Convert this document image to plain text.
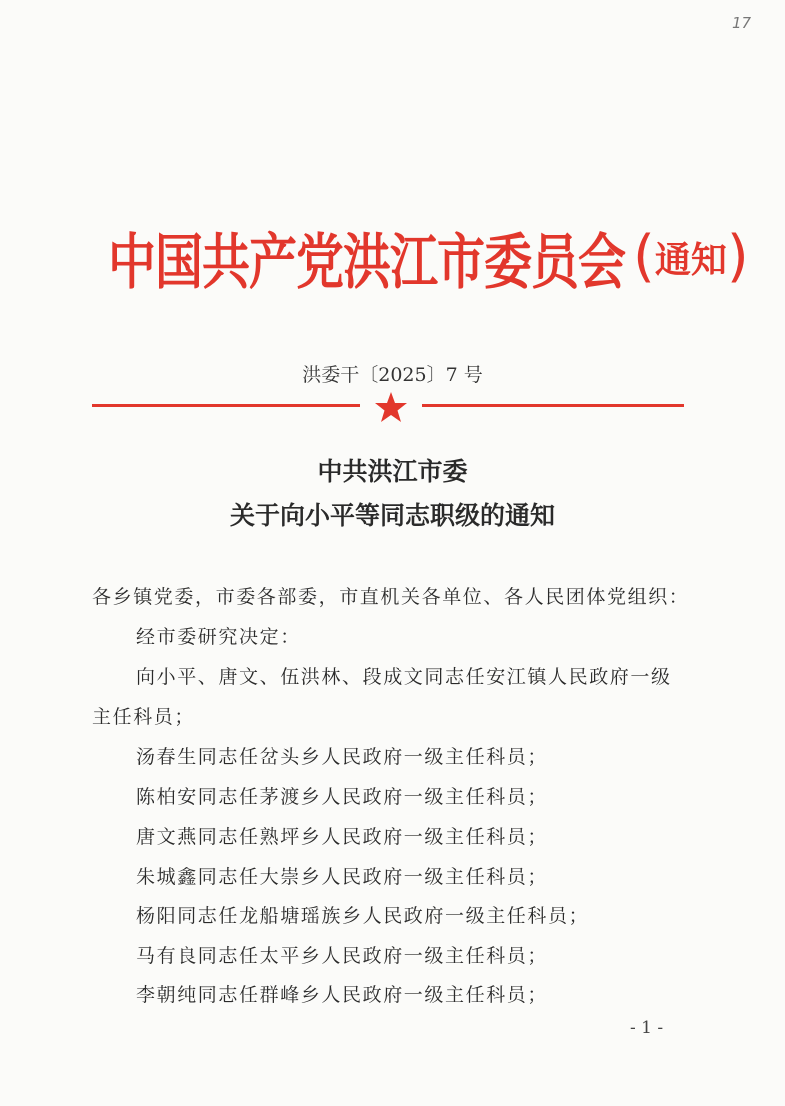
17
中国共产党洪江市委员会 ( 通知 )
洪委干〔2025〕7 号
中共洪江市委
关于向小平等同志职级的通知
各乡镇党委，市委各部委，市直机关各单位、各人民团体党组织：
经市委研究决定：
向小平、唐文、伍洪林、段成文同志任安江镇人民政府一级
主任科员；
汤春生同志任岔头乡人民政府一级主任科员；
陈柏安同志任茅渡乡人民政府一级主任科员；
唐文燕同志任熟坪乡人民政府一级主任科员；
朱城鑫同志任大崇乡人民政府一级主任科员；
杨阳同志任龙船塘瑶族乡人民政府一级主任科员；
马有良同志任太平乡人民政府一级主任科员；
李朝纯同志任群峰乡人民政府一级主任科员；
- 1 -
